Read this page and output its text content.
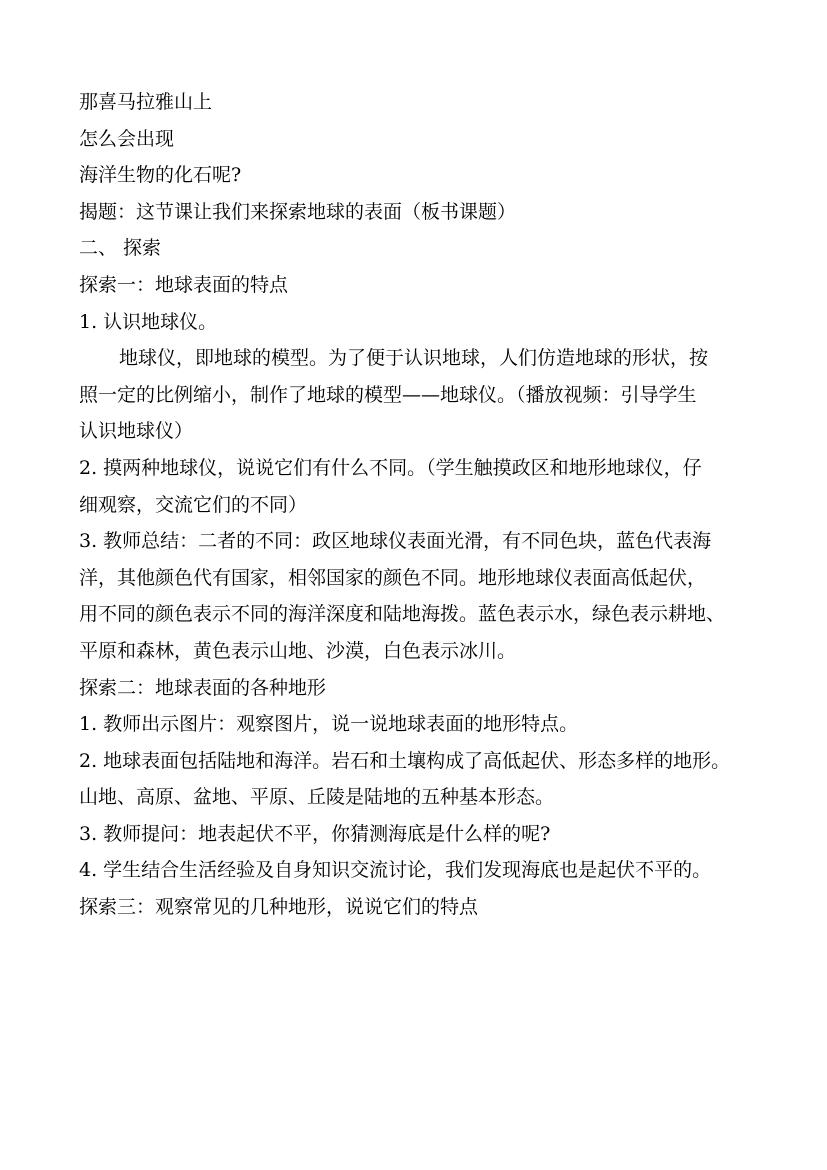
那喜马拉雅山上
怎么会出现
海洋生物的化石呢?
揭题：这节课让我们来探索地球的表面（板书课题）
二、 探索
探索一：地球表面的特点
1. 认识地球仪。
地球仪，即地球的模型。为了便于认识地球，人们仿造地球的形状，按
照一定的比例缩小，制作了地球的模型——地球仪。（播放视频：引导学生
认识地球仪）
2. 摸两种地球仪，说说它们有什么不同。（学生触摸政区和地形地球仪，仔
细观察，交流它们的不同）
3. 教师总结：二者的不同：政区地球仪表面光滑，有不同色块，蓝色代表海
洋，其他颜色代有国家，相邻国家的颜色不同。地形地球仪表面高低起伏，
用不同的颜色表示不同的海洋深度和陆地海拨。蓝色表示水，绿色表示耕地、
平原和森林，黄色表示山地、沙漠，白色表示冰川。
探索二：地球表面的各种地形
1. 教师出示图片：观察图片，说一说地球表面的地形特点。
2. 地球表面包括陆地和海洋。岩石和土壤构成了高低起伏、形态多样的地形。
山地、高原、盆地、平原、丘陵是陆地的五种基本形态。
3. 教师提问：地表起伏不平，你猜测海底是什么样的呢?
4. 学生结合生活经验及自身知识交流讨论，我们发现海底也是起伏不平的。
探索三：观察常见的几种地形，说说它们的特点
